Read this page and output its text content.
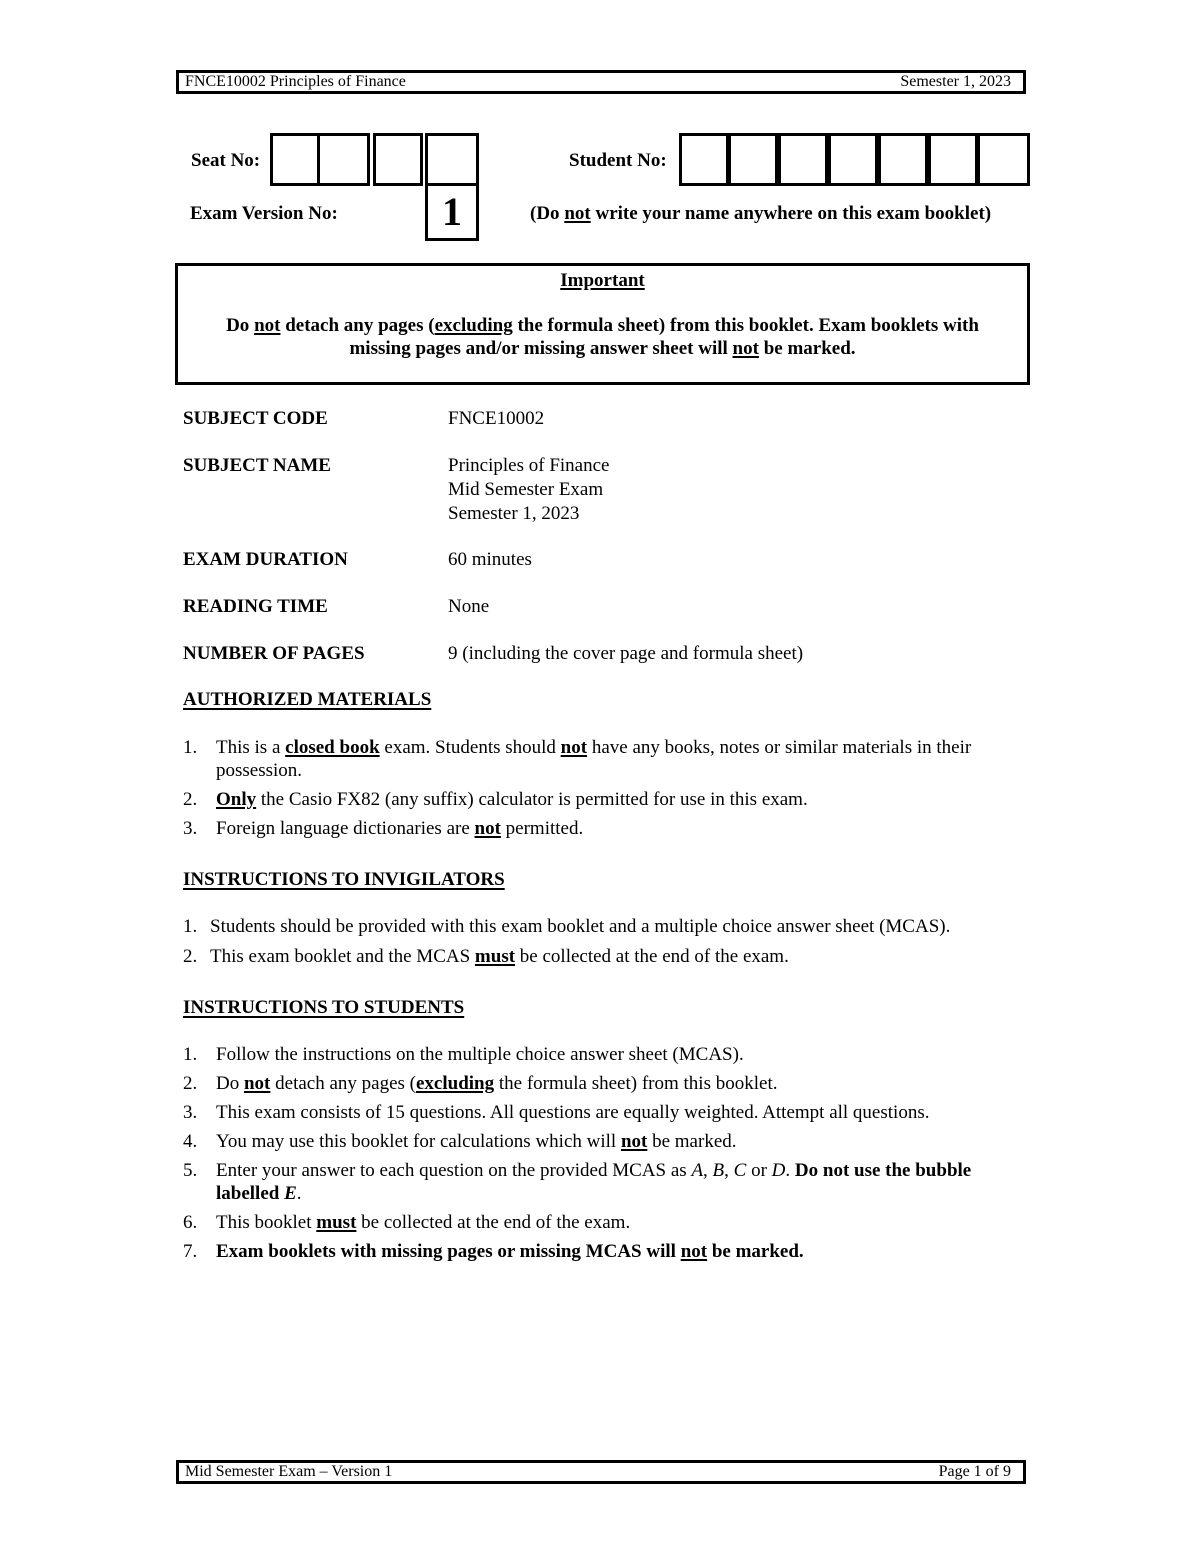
FNCE10002 Principles of Finance	Semester 1, 2023
Seat No:	Student No:
Exam Version No:	1	(Do not write your name anywhere on this exam booklet)
Important
Do not detach any pages (excluding the formula sheet) from this booklet. Exam booklets with
missing pages and/or missing answer sheet will not be marked.
SUBJECT CODE	FNCE10002
SUBJECT NAME	Principles of Finance
Mid Semester Exam
Semester 1, 2023
EXAM DURATION	60 minutes
READING TIME	None
NUMBER OF PAGES	9 (including the cover page and formula sheet)
AUTHORIZED MATERIALS
1. This is a closed book exam. Students should not have any books, notes or similar materials in their possession.
2. Only the Casio FX82 (any suffix) calculator is permitted for use in this exam.
3. Foreign language dictionaries are not permitted.
INSTRUCTIONS TO INVIGILATORS
1. Students should be provided with this exam booklet and a multiple choice answer sheet (MCAS).
2. This exam booklet and the MCAS must be collected at the end of the exam.
INSTRUCTIONS TO STUDENTS
1. Follow the instructions on the multiple choice answer sheet (MCAS).
2. Do not detach any pages (excluding the formula sheet) from this booklet.
3. This exam consists of 15 questions. All questions are equally weighted. Attempt all questions.
4. You may use this booklet for calculations which will not be marked.
5. Enter your answer to each question on the provided MCAS as A, B, C or D. Do not use the bubble labelled E.
6. This booklet must be collected at the end of the exam.
7. Exam booklets with missing pages or missing MCAS will not be marked.
Mid Semester Exam – Version 1	Page 1 of 9
